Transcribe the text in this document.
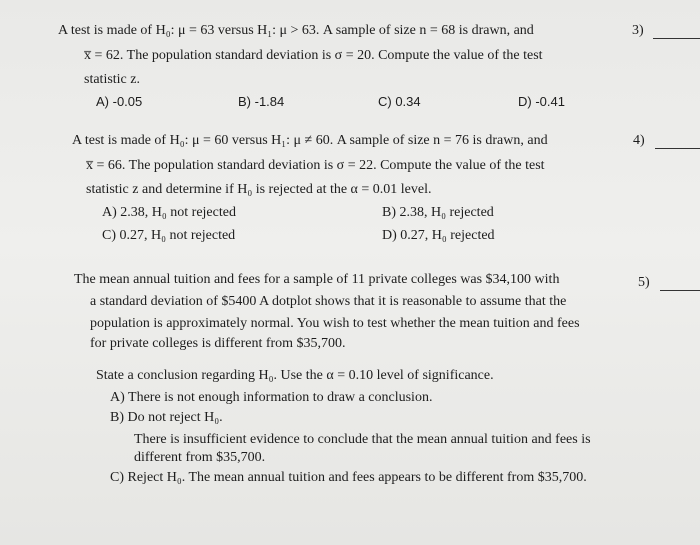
A test is made of H₀: μ = 63 versus H₁: μ > 63. A sample of size n = 68 is drawn, and	3)
x̅ = 62. The population standard deviation is σ = 20. Compute the value of the test
statistic z.
A) -0.05	B) -1.84	C) 0.34	D) -0.41
A test is made of H₀: μ = 60 versus H₁: μ ≠ 60. A sample of size n = 76 is drawn, and	4)
x̅ = 66. The population standard deviation is σ = 22. Compute the value of the test
statistic z and determine if H₀ is rejected at the α = 0.01 level.
A) 2.38, H₀ not rejected	B) 2.38, H₀ rejected
C) 0.27, H₀ not rejected	D) 0.27, H₀ rejected
The mean annual tuition and fees for a sample of 11 private colleges was $34,100 with	5)
a standard deviation of $5400 A dotplot shows that it is reasonable to assume that the
population is approximately normal. You wish to test whether the mean tuition and fees
for private colleges is different from $35,700.
State a conclusion regarding H₀. Use the α = 0.10 level of significance.
A) There is not enough information to draw a conclusion.
B) Do not reject H₀.
There is insufficient evidence to conclude that the mean annual tuition and fees is
different from $35,700.
C) Reject H₀. The mean annual tuition and fees appears to be different from $35,700.
